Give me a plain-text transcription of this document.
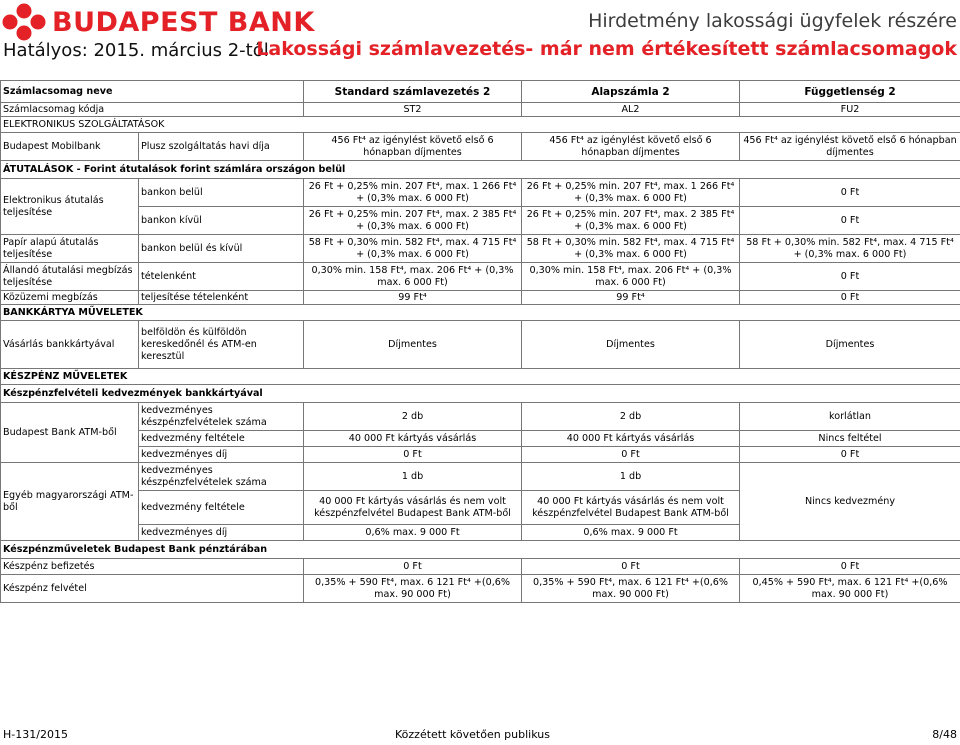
BUDAPEST BANK
Hatályos: 2015. március 2-től
Hirdetmény lakossági ügyfelek részére
Lakossági számlavezetés- már nem értékesített számlacsomagok
Számlacsomag neve		Standard számlavezetés 2	Alapszámla 2	Függetlenség 2
Számlacsomag kódja		ST2	AL2	FU2
ELEKTRONIKUS SZOLGÁLTATÁSOK				
Budapest Mobilbank	Plusz szolgáltatás havi díja	456 Ft⁴ az igénylést követő első 6 hónapban díjmentes	456 Ft⁴ az igénylést követő első 6 hónapban díjmentes	456 Ft⁴ az igénylést követő első 6 hónapban díjmentes
ÁTUTALÁSOK - Forint átutalások forint számlára országon belül				
Elektronikus átutalás teljesítése	bankon belül	26 Ft + 0,25% min. 207 Ft⁴, max. 1 266 Ft⁴ + (0,3% max. 6 000 Ft)	26 Ft + 0,25% min. 207 Ft⁴, max. 1 266 Ft⁴ + (0,3% max. 6 000 Ft)	0 Ft
	bankon kívül	26 Ft + 0,25% min. 207 Ft⁴, max. 2 385 Ft⁴ + (0,3% max. 6 000 Ft)	26 Ft + 0,25% min. 207 Ft⁴, max. 2 385 Ft⁴ + (0,3% max. 6 000 Ft)	0 Ft
Papír alapú átutalás teljesítése	bankon belül és kívül	58 Ft + 0,30% min. 582 Ft⁴, max. 4 715 Ft⁴ + (0,3% max. 6 000 Ft)	58 Ft + 0,30% min. 582 Ft⁴, max. 4 715 Ft⁴ + (0,3% max. 6 000 Ft)	58 Ft + 0,30% min. 582 Ft⁴, max. 4 715 Ft⁴ + (0,3% max. 6 000 Ft)
Állandó átutalási megbízás teljesítése	tételenként	0,30% min. 158 Ft⁴, max. 206 Ft⁴ + (0,3% max. 6 000 Ft)	0,30% min. 158 Ft⁴, max. 206 Ft⁴ + (0,3% max. 6 000 Ft)	0 Ft
Közüzemi megbízás	teljesítése tételenként	99 Ft⁴	99 Ft⁴	0 Ft
BANKKÁRTYA MŰVELETEK				
Vásárlás bankkártyával	belföldön és külföldön kereskedőnél és ATM-en keresztül	Díjmentes	Díjmentes	Díjmentes
KÉSZPÉNZ MŰVELETEK				
Készpénzfelvételi kedvezmények bankkártyával				
Budapest Bank ATM-ből	kedvezményes készpénzfelvételek száma	2 db	2 db	korlátlan
	kedvezmény feltétele	40 000 Ft kártyás vásárlás	40 000 Ft kártyás vásárlás	Nincs feltétel
	kedvezményes díj	0 Ft	0 Ft	0 Ft
Egyéb magyarországi ATM-ből	kedvezményes készpénzfelvételek száma	1 db	1 db	Nincs kedvezmény
	kedvezmény feltétele	40 000 Ft kártyás vásárlás és nem volt készpénzfelvétel Budapest Bank ATM-ből	40 000 Ft kártyás vásárlás és nem volt készpénzfelvétel Budapest Bank ATM-ből	
	kedvezményes díj	0,6% max. 9 000 Ft	0,6% max. 9 000 Ft	
Készpénzműveletek Budapest Bank pénztárában				
Készpénz befizetés		0 Ft	0 Ft	0 Ft
Készpénz felvétel		0,35% + 590 Ft⁴, max. 6 121 Ft⁴ +(0,6% max. 90 000 Ft)	0,35% + 590 Ft⁴, max. 6 121 Ft⁴ +(0,6% max. 90 000 Ft)	0,45% + 590 Ft⁴, max. 6 121 Ft⁴ +(0,6% max. 90 000 Ft)
H-131/2015	Közzétett követően publikus	8/48
